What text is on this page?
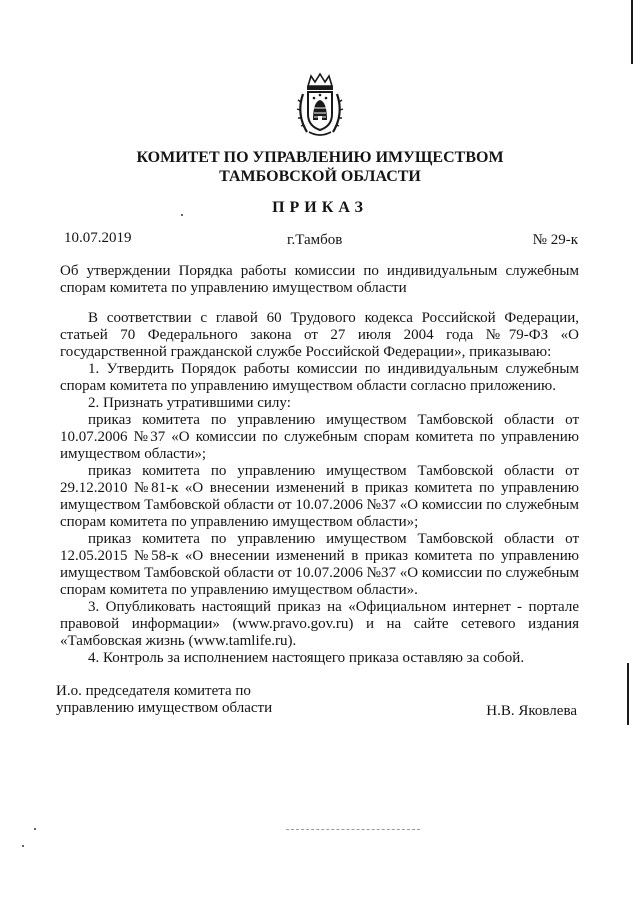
КОМИТЕТ ПО УПРАВЛЕНИЮ ИМУЩЕСТВОМ
ТАМБОВСКОЙ ОБЛАСТИ
ПРИКАЗ
10.07.2019	г.Тамбов	№ 29-к
Об утверждении Порядка работы комиссии по индивидуальным служебным спорам комитета по управлению имуществом области

В соответствии с главой 60 Трудового кодекса Российской Федерации, статьей 70 Федерального закона от 27 июля 2004 года №79-ФЗ «О государственной гражданской службе Российской Федерации», приказываю:

1. Утвердить Порядок работы комиссии по индивидуальным служебным спорам комитета по управлению имуществом области согласно приложению.

2. Признать утратившими силу:

приказ комитета по управлению имуществом Тамбовской области от 10.07.2006 №37 «О комиссии по служебным спорам комитета по управлению имуществом области»;

приказ комитета по управлению имуществом Тамбовской области от 29.12.2010 №81-к «О внесении изменений в приказ комитета по управлению имуществом Тамбовской области от 10.07.2006 №37 «О комиссии по служебным спорам комитета по управлению имуществом области»;

приказ комитета по управлению имуществом Тамбовской области от 12.05.2015 №58-к «О внесении изменений в приказ комитета по управлению имуществом Тамбовской области от 10.07.2006 №37 «О комиссии по служебным спорам комитета по управлению имуществом области».

3. Опубликовать настоящий приказ на «Официальном интернет - портале правовой информации» (www.pravo.gov.ru) и на сайте сетевого издания «Тамбовская жизнь (www.tamlife.ru).

4. Контроль за исполнением настоящего приказа оставляю за собой.

И.о. председателя комитета по
управлению имуществом области	Н.В. Яковлева
